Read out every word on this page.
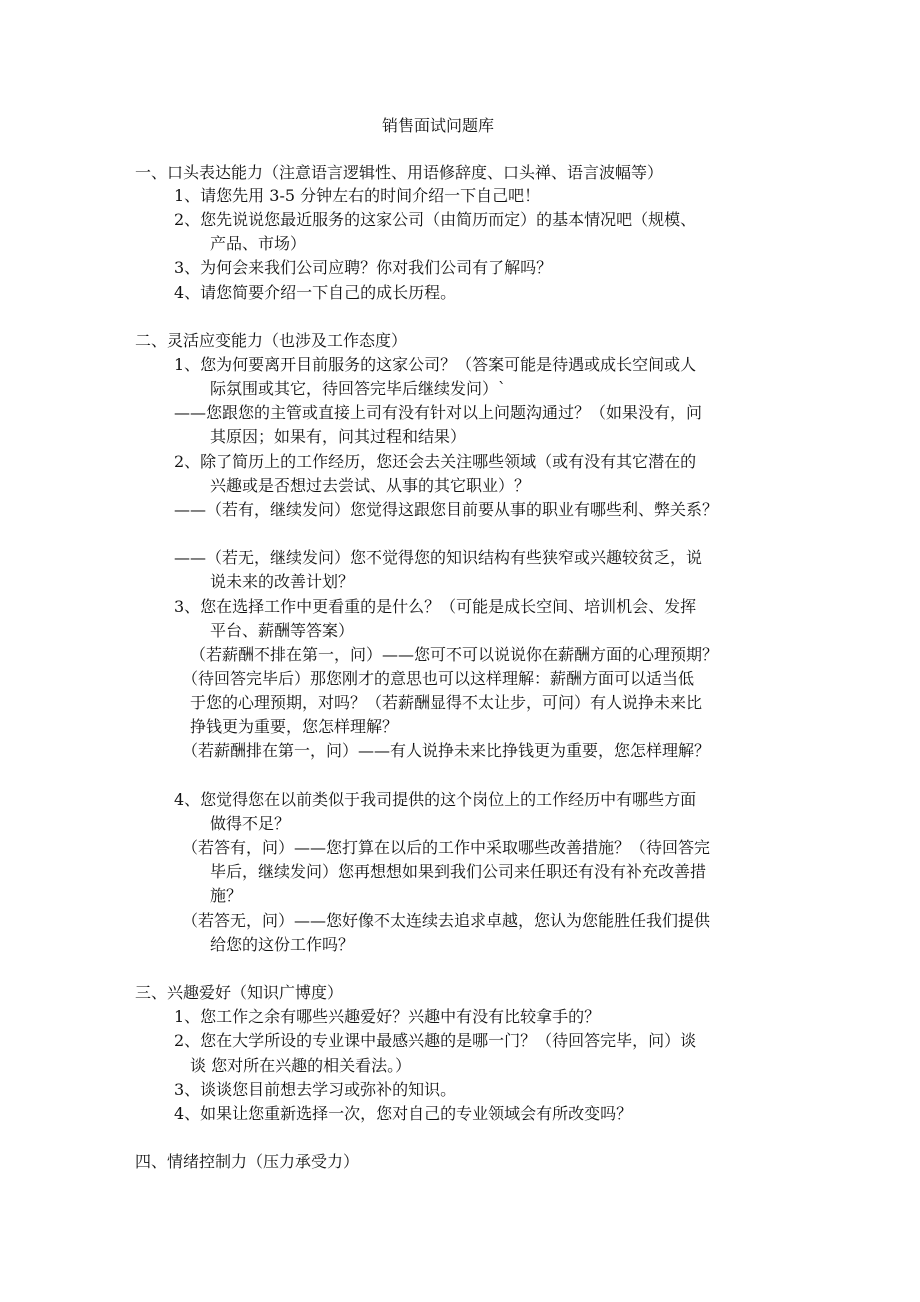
销售面试问题库
一、口头表达能力（注意语言逻辑性、用语修辞度、口头禅、语言波幅等）
1、请您先用 3-5 分钟左右的时间介绍一下自己吧！
2、您先说说您最近服务的这家公司（由简历而定）的基本情况吧（规模、
产品、市场）
3、为何会来我们公司应聘？你对我们公司有了解吗？
4、请您简要介绍一下自己的成长历程。
二、灵活应变能力（也涉及工作态度）
1、您为何要离开目前服务的这家公司？（答案可能是待遇或成长空间或人
际氛围或其它，待回答完毕后继续发问）`
——您跟您的主管或直接上司有没有针对以上问题沟通过？（如果没有，问
其原因；如果有，问其过程和结果）
2、除了简历上的工作经历，您还会去关注哪些领域（或有没有其它潜在的
兴趣或是否想过去尝试、从事的其它职业）？
——（若有，继续发问）您觉得这跟您目前要从事的职业有哪些利、弊关系？
——（若无，继续发问）您不觉得您的知识结构有些狭窄或兴趣较贫乏，说
说未来的改善计划？
3、您在选择工作中更看重的是什么？（可能是成长空间、培训机会、发挥
平台、薪酬等答案）
（若薪酬不排在第一，问）——您可不可以说说你在薪酬方面的心理预期？
（待回答完毕后）那您刚才的意思也可以这样理解：薪酬方面可以适当低
于您的心理预期，对吗？（若薪酬显得不太让步，可问）有人说挣未来比
挣钱更为重要，您怎样理解？
（若薪酬排在第一，问）——有人说挣未来比挣钱更为重要，您怎样理解？
4、您觉得您在以前类似于我司提供的这个岗位上的工作经历中有哪些方面
做得不足？
（若答有，问）——您打算在以后的工作中采取哪些改善措施？（待回答完
毕后，继续发问）您再想想如果到我们公司来任职还有没有补充改善措
施？
（若答无，问）——您好像不太连续去追求卓越，您认为您能胜任我们提供
给您的这份工作吗？
三、兴趣爱好（知识广博度）
1、您工作之余有哪些兴趣爱好？兴趣中有没有比较拿手的？
2、您在大学所设的专业课中最感兴趣的是哪一门？（待回答完毕，问）谈
谈 您对所在兴趣的相关看法。）
3、谈谈您目前想去学习或弥补的知识。
4、如果让您重新选择一次，您对自己的专业领域会有所改变吗？
四、情绪控制力（压力承受力）
